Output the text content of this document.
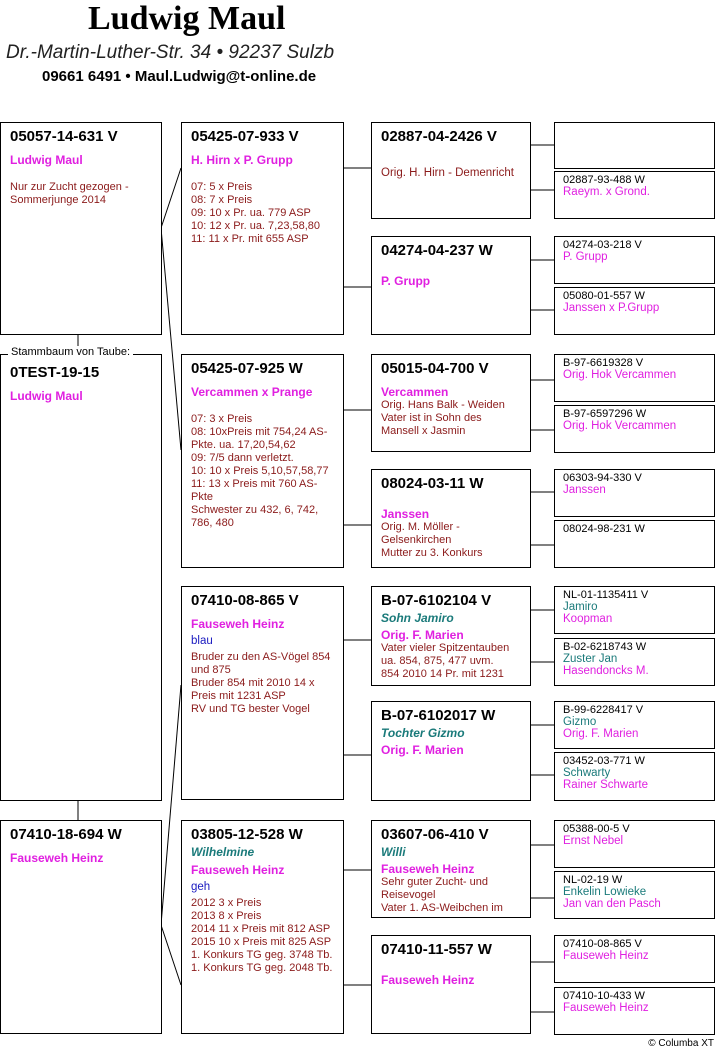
Ludwig Maul
Dr.-Martin-Luther-Str. 34 • 92237 Sulzb
09661 6491 • Maul.Ludwig@t-online.de
05057-14-631 V
Ludwig Maul
Nur zur Zucht gezogen -
Sommerjunge 2014
0TEST-19-15
Ludwig Maul
Stammbaum von Taube:
07410-18-694 W
Fauseweh Heinz
05425-07-933 V
H. Hirn x P. Grupp
07: 5 x Preis
08: 7 x Preis
09: 10 x Pr. ua. 779 ASP
10: 12 x Pr. ua. 7,23,58,80
11: 11 x Pr. mit 655 ASP
05425-07-925 W
Vercammen x Prange
07: 3 x Preis
08: 10xPreis mit 754,24 AS-Pkte. ua. 17,20,54,62
09: 7/5 dann verletzt.
10: 10 x Preis 5,10,57,58,77
11: 13 x Preis mit 760 AS-Pkte
Schwester zu 432, 6, 742, 786, 480
07410-08-865 V
Fauseweh Heinz
blau
Bruder zu den AS-Vögel 854 und 875
Bruder 854 mit 2010 14 x Preis mit 1231 ASP
RV und TG bester Vogel
03805-12-528 W
Wilhelmine
Fauseweh Heinz
geh
2012 3 x Preis
2013 8 x Preis
2014 11 x Preis mit 812 ASP
2015 10 x Preis mit 825 ASP
1. Konkurs TG geg. 3748 Tb.
1. Konkurs TG geg. 2048 Tb.
02887-04-2426 V
Orig. H. Hirn - Demenricht
04274-04-237 W
P. Grupp
05015-04-700 V
Vercammen
Orig. Hans Balk - Weiden
Vater ist in Sohn des Mansell x Jasmin
08024-03-11 W
Janssen
Orig. M. Möller - Gelsenkirchen
Mutter zu 3. Konkurs
B-07-6102104 V
Sohn Jamiro
Orig. F. Marien
Vater vieler Spitzentauben ua. 854, 875, 477 uvm.
854 2010 14 Pr. mit 1231
B-07-6102017 W
Tochter Gizmo
Orig. F. Marien
03607-06-410 V
Willi
Fauseweh Heinz
Sehr guter Zucht- und Reisevogel
Vater 1. AS-Weibchen im
07410-11-557 W
Fauseweh Heinz
02887-93-488 W
Raeym. x Grond.
04274-03-218 V
P. Grupp
05080-01-557 W
Janssen x P.Grupp
B-97-6619328 V
Orig. Hok Vercammen
B-97-6597296 W
Orig. Hok Vercammen
06303-94-330 V
Janssen
08024-98-231 W
NL-01-1135411 V
Jamiro
Koopman
B-02-6218743 W
Zuster Jan
Hasendoncks M.
B-99-6228417 V
Gizmo
Orig. F. Marien
03452-03-771 W
Schwarty
Rainer Schwarte
05388-00-5 V
Ernst Nebel
NL-02-19 W
Enkelin Lowieke
Jan van den Pasch
07410-08-865 V
Fauseweh Heinz
07410-10-433 W
Fauseweh Heinz
© Columba XT
